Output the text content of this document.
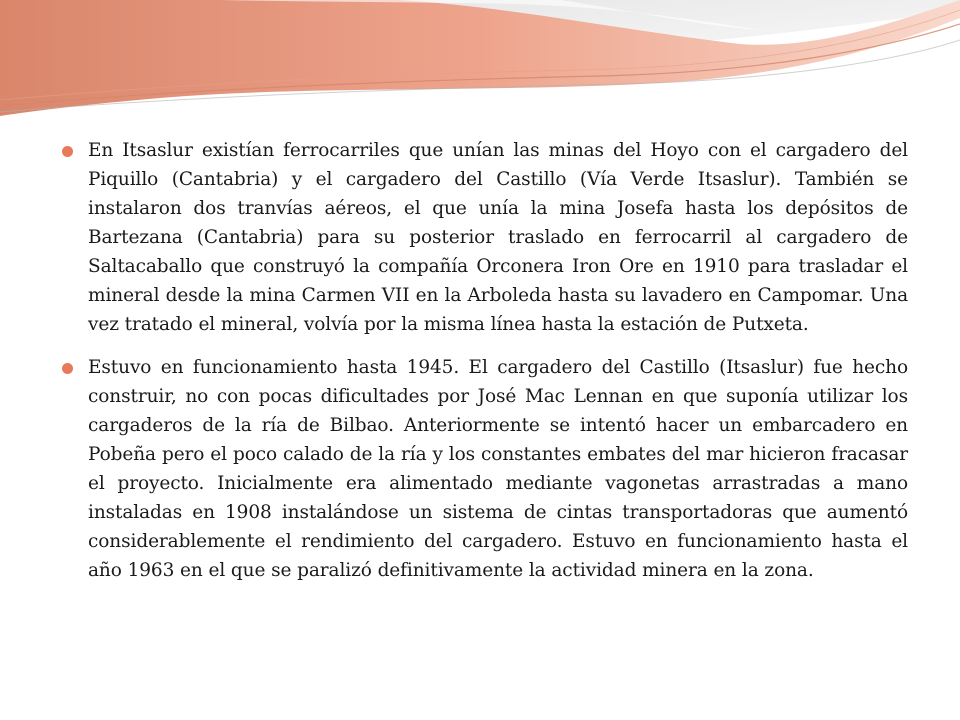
En Itsaslur existían ferrocarriles que unían las minas del Hoyo con el cargadero del Piquillo (Cantabria) y el cargadero del Castillo (Vía Verde Itsaslur). También se instalaron dos tranvías aéreos, el que unía la mina Josefa hasta los depósitos de Bartezana (Cantabria) para su posterior traslado en ferrocarril al cargadero de Saltacaballo que construyó la compañía Orconera Iron Ore en 1910 para trasladar el mineral desde la mina Carmen VII en la Arboleda hasta su lavadero en Campomar. Una vez tratado el mineral, volvía por la misma línea hasta la estación de Putxeta.
Estuvo en funcionamiento hasta 1945. El cargadero del Castillo (Itsaslur) fue hecho construir, no con pocas dificultades por José Mac Lennan en que suponía utilizar los cargaderos de la ría de Bilbao. Anteriormente se intentó hacer un embarcadero en Pobeña pero el poco calado de la ría y los constantes embates del mar hicieron fracasar el proyecto. Inicialmente era alimentado mediante vagonetas arrastradas a mano instaladas en 1908 instalándose un sistema de cintas transportadoras que aumentó considerablemente el rendimiento del cargadero. Estuvo en funcionamiento hasta el año 1963 en el que se paralizó definitivamente la actividad minera en la zona.
